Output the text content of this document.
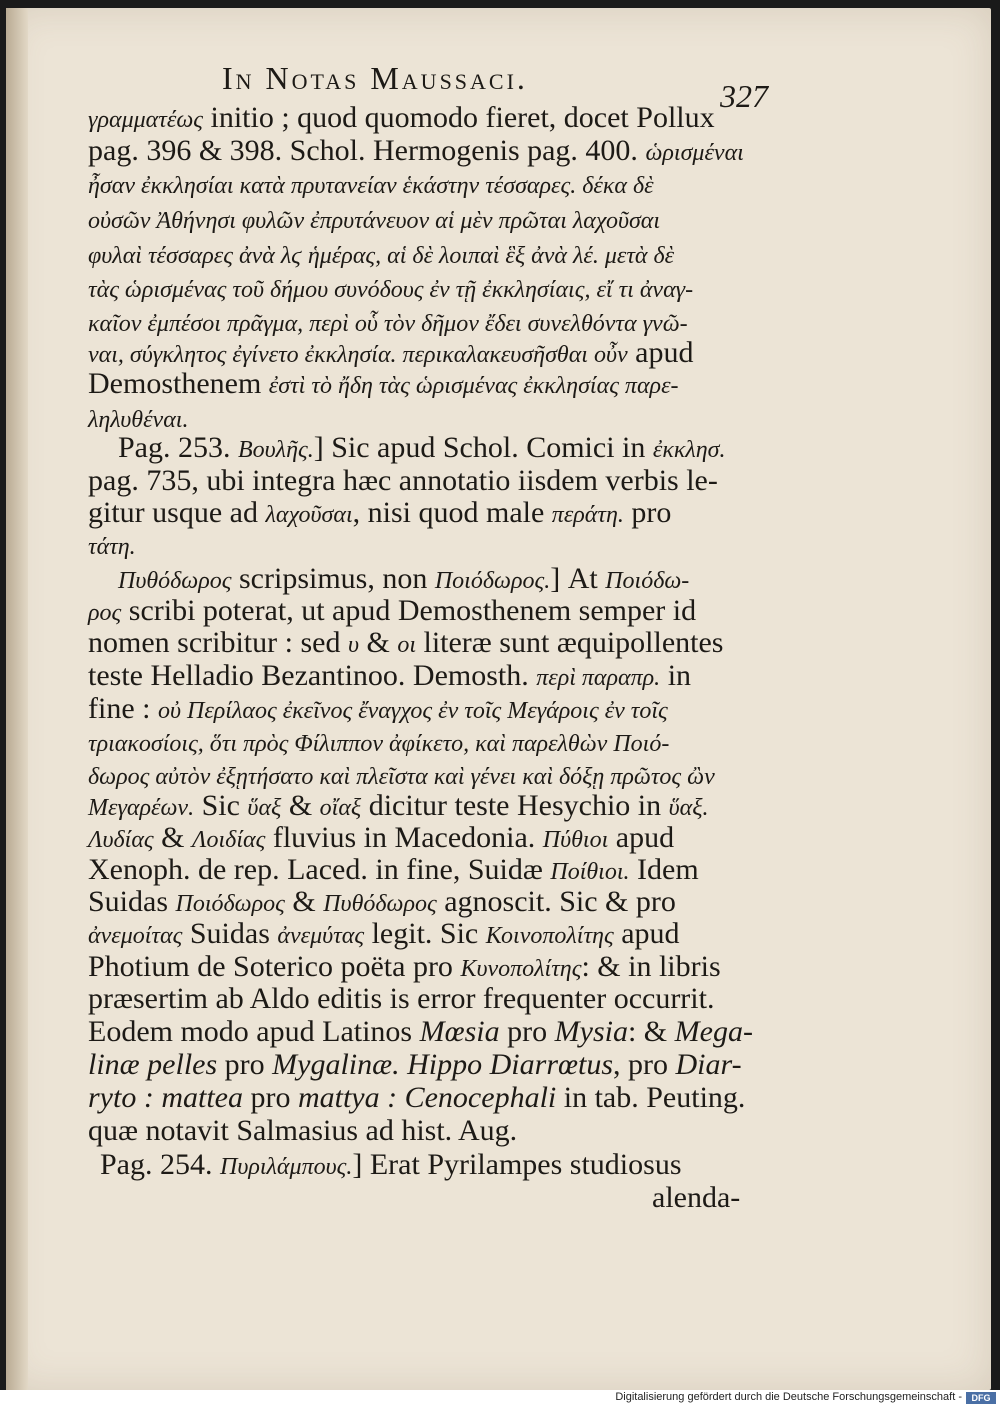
In Notas Maussaci.	327
γραμματέως initio ; quod quomodo fieret, docet Pollux
pag. 396 & 398. Schol. Hermogenis pag. 400. ὡρισμέναι
ἦσαν ἐκκλησίαι κατὰ πρυτανείαν ἑκάστην τέσσαρες. δέκα δὲ
οὐσῶν Ἀθήνησι φυλῶν ἐπρυτάνευον αἱ μὲν πρῶται λαχοῦσαι
φυλαὶ τέσσαρες ἀνὰ λϛ ἡμέρας, αἱ δὲ λοιπαὶ ἓξ ἀνὰ λέ. μετὰ δὲ
τὰς ὡρισμένας τοῦ δήμου συνόδους ἐν τῇ ἐκκλησίαις, εἴ τι ἀναγ-
καῖον ἐμπέσοι πρᾶγμα, περὶ οὗ τὸν δῆμον ἔδει συνελθόντα γνῶ-
ναι, σύγκλητος ἐγίνετο ἐκκλησία. περικαλακευσῆσθαι οὖν apud
Demosthenem ἐστὶ τὸ ἤδη τὰς ὡρισμένας ἐκκλησίας παρε-
ληλυθέναι.
Pag. 253. Βουλῆς.] Sic apud Schol. Comici in ἐκκλησ.
pag. 735, ubi integra hæc annotatio iisdem verbis le-
gitur usque ad λαχοῦσαι, nisi quod male περάτη. pro
τάτη.
Πυθόδωρος scripsimus, non Ποιόδωρος.] At Ποιόδω-
ρος scribi poterat, ut apud Demosthenem semper id
nomen scribitur : sed υ & οι literæ sunt æquipollentes
teste Helladio Bezantinoo. Demosth. περὶ παραπρ. in
fine : οὐ Περίλαος ἐκεῖνος ἔναγχος ἐν τοῖς Μεγάροις ἐν τοῖς
τριακοσίοις, ὅτι πρὸς Φίλιππον ἀφίκετο, καὶ παρελθὼν Ποιό-
δωρος αὐτὸν ἐξῃτήσατο καὶ πλεῖστα καὶ γένει καὶ δόξῃ πρῶτος ὢν
Μεγαρέων. Sic ὕαξ & οἴαξ dicitur teste Hesychio in ὕαξ.
Λυδίας & Λοιδίας fluvius in Macedonia. Πύθιοι apud
Xenoph. de rep. Laced. in fine, Suidæ Ποίθιοι. Idem
Suidas Ποιόδωρος & Πυθόδωρος agnoscit. Sic & pro
ἀνεμοίτας Suidas ἀνεμύτας legit. Sic Κοινοπολίτης apud
Photium de Soterico poëta pro Κυνοπολίτης: & in libris
præsertim ab Aldo editis is error frequenter occurrit.
Eodem modo apud Latinos Mœsia pro Mysia: & Mega-
linæ pelles pro Mygalinæ. Hippo Diarrœtus, pro Diar-
ryto : mattea pro mattya : Cenocephali in tab. Peuting.
quæ notavit Salmasius ad hist. Aug.
Pag. 254. Πυριλάμπους.] Erat Pyrilampes studiosus
alenda-
Digitalisierung gefördert durch die Deutsche Forschungsgemeinschaft -	DFG
